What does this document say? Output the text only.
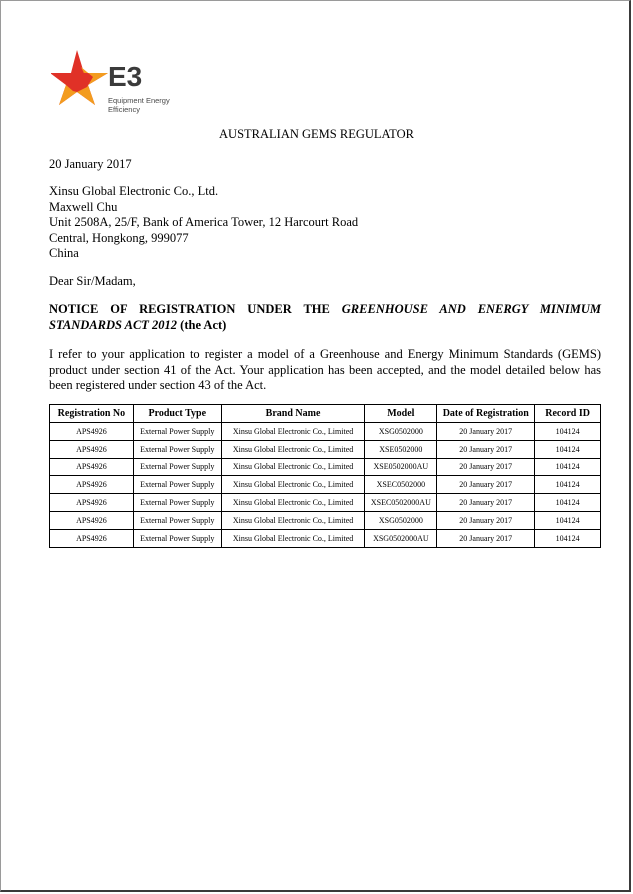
E3
Equipment Energy
Efficiency
AUSTRALIAN GEMS REGULATOR
20 January 2017
Xinsu Global Electronic Co., Ltd.
Maxwell Chu
Unit 2508A, 25/F, Bank of America Tower, 12 Harcourt Road
Central, Hongkong, 999077
China
Dear Sir/Madam,
NOTICE OF REGISTRATION UNDER THE GREENHOUSE AND ENERGY MINIMUM STANDARDS ACT 2012 (the Act)
I refer to your application to register a model of a Greenhouse and Energy Minimum Standards (GEMS) product under section 41 of the Act. Your application has been accepted, and the model detailed below has been registered under section 43 of the Act.
Registration No	Product Type	Brand Name	Model	Date of Registration	Record ID
APS4926	External Power Supply	Xinsu Global Electronic Co., Limited	XSG0502000	20 January 2017	104124
APS4926	External Power Supply	Xinsu Global Electronic Co., Limited	XSE0502000	20 January 2017	104124
APS4926	External Power Supply	Xinsu Global Electronic Co., Limited	XSE0502000AU	20 January 2017	104124
APS4926	External Power Supply	Xinsu Global Electronic Co., Limited	XSEC0502000	20 January 2017	104124
APS4926	External Power Supply	Xinsu Global Electronic Co., Limited	XSEC0502000AU	20 January 2017	104124
APS4926	External Power Supply	Xinsu Global Electronic Co., Limited	XSG0502000	20 January 2017	104124
APS4926	External Power Supply	Xinsu Global Electronic Co., Limited	XSG0502000AU	20 January 2017	104124
